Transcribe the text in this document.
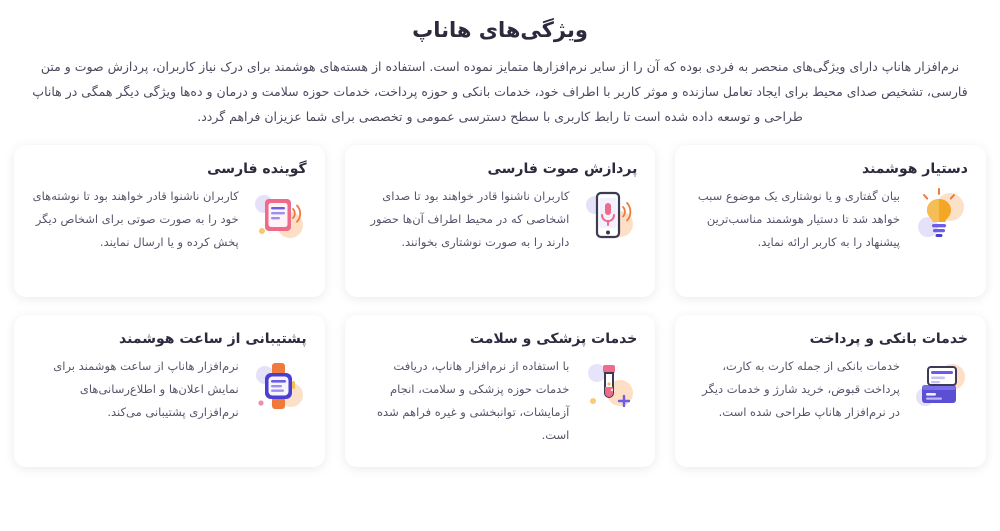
ویژگی‌های هاناپ

نرم‌افزار هاناپ دارای ویژگی‌های منحصر به فردی بوده که آن را از سایر نرم‌افزارها متمایز نموده است. استفاده از هسته‌های هوشمند برای درک نیاز کاربران، پردازش صوت و متن فارسی، تشخیص صدای محیط برای ایجاد تعامل سازنده و موثر کاربر با اطراف خود، خدمات بانکی و حوزه پرداخت، خدمات حوزه سلامت و درمان و ده‌ها ویژگی دیگر همگی در هاناپ طراحی و توسعه داده شده است تا رابط کاربری با سطح دسترسی عمومی و تخصصی برای شما عزیزان فراهم گردد.

دستیار هوشمند
بیان گفتاری و یا نوشتاری یک موضوع سبب خواهد شد تا دستیار هوشمند مناسب‌ترین پیشنهاد را به کاربر ارائه نماید.
پردازش صوت فارسی
کاربران ناشنوا قادر خواهند بود تا صدای اشخاصی که در محیط اطراف آن‌ها حضور دارند را به صورت نوشتاری بخوانند.
گوینده فارسی
کاربران ناشنوا قادر خواهند بود تا نوشته‌های خود را به صورت صوتی برای اشخاص دیگر پخش کرده و یا ارسال نمایند.
خدمات بانکی و پرداخت
خدمات بانکی از جمله کارت به کارت، پرداخت قبوض، خرید شارژ و خدمات دیگر در نرم‌افزار هاناپ طراحی شده است.
خدمات پزشکی و سلامت
با استفاده از نرم‌افزار هاناپ، دریافت خدمات حوزه پزشکی و سلامت، انجام آزمایشات، توانبخشی و غیره فراهم شده است.
پشتیبانی از ساعت هوشمند
نرم‌افزار هاناپ از ساعت هوشمند برای نمایش اعلان‌ها و اطلاع‌رسانی‌های نرم‌افزاری پشتیبانی می‌کند.
